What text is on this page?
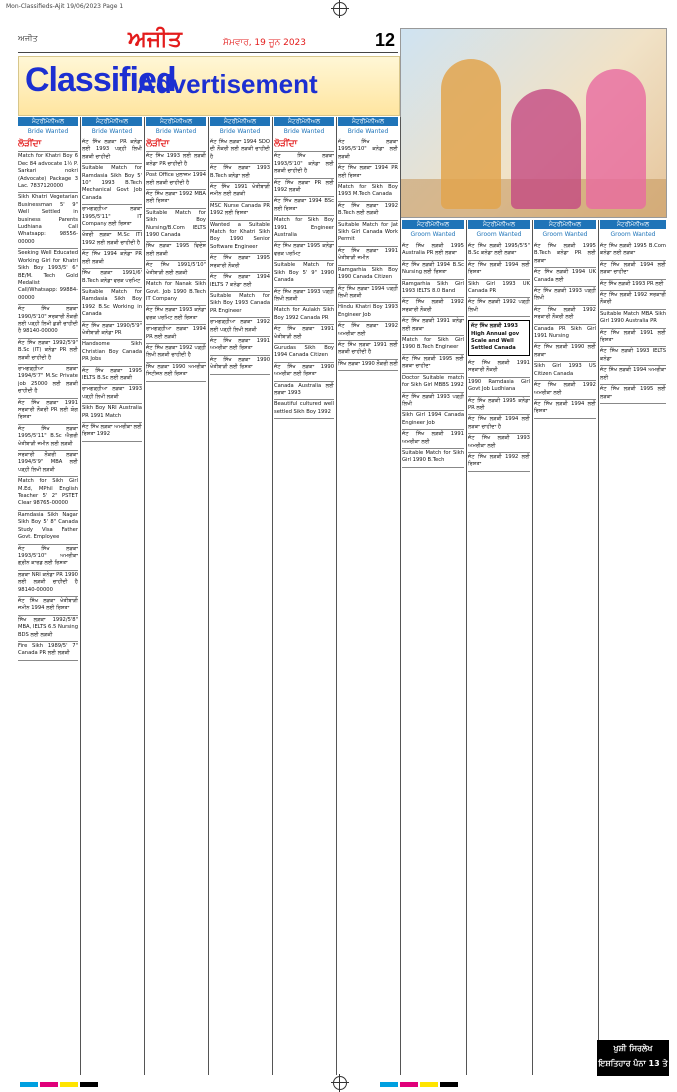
Mon-Classifieds-Ajit 19/06/2023 Page 1
ਅਜੀਤ	ਅਜੀਤ	ਸੋਮਵਾਰ, 19 ਜੂਨ 2023	12
Classified
Advertisement
ਮੈਟਰੀਮੋਨੀਅਲ	ਮੈਟਰੀਮੋਨੀਅਲ	ਮੈਟਰੀਮੋਨੀਅਲ	ਮੈਟਰੀਮੋਨੀਅਲ	ਮੈਟਰੀਮੋਨੀਅਲ	ਮੈਟਰੀਮੋਨੀਅਲ
Bride Wanted	Bride Wanted	Bride Wanted	Bride Wanted	Bride Wanted	Bride Wanted
ਮੈਟਰੀਮੋਨੀਅਲ	ਮੈਟਰੀਮੋਨੀਅਲ	ਮੈਟਰੀਮੋਨੀਅਲ	ਮੈਟਰੀਮੋਨੀਅਲ
Groom Wanted	Groom Wanted	Groom Wanted	Groom Wanted
ਲੋੜੀਂਦਾ
Match for Khatri Boy 6 Dec 84 advocate 1½ P. Sarkari nokri (Advocate) Package 3 Lac. 7837120000
Sikh Khatri Vegetarian Businessman 5' 9" Well Settled in business Parents Ludhiana Call Whatsapp: 98556-00000
Seeking Well Educated Working Girl for Khatri Sikh Boy 1993/5' 6" BE/M. Tech Gold Medalist Call/Whatsapp: 99884-00000
ਜੱਟ ਸਿੱਖ ਲੜਕਾ 1990/5'10" ਸਰਕਾਰੀ ਨੌਕਰੀ ਲਈ ਪੜ੍ਹੀ ਲਿਖੀ ਕੁੜੀ ਚਾਹੀਦੀ ਹੈ 98140-00000
ਜੱਟ ਸਿੱਖ ਲੜਕਾ 1992/5'9" B.Sc (IT) ਕਨੇਡਾ PR ਲਈ ਲੜਕੀ ਚਾਹੀਦੀ ਹੈ
ਰਾਮਗੜ੍ਹੀਆ ਲੜਕਾ 1994/5'7" M.Sc Private job 25000 ਲਈ ਲੜਕੀ ਚਾਹੀਦੀ ਹੈ
ਜੱਟ ਸਿੱਖ ਲੜਕਾ 1991 ਸਰਕਾਰੀ ਨੌਕਰੀ PR ਲਈ ਯੋਗ ਰਿਸ਼ਤਾ
ਜੱਟ ਸਿੱਖ ਲੜਕਾ 1995/5'11" B.Sc ਐਗਰੀ ਖੇਤੀਬਾੜੀ ਜਮੀਨ ਲਈ ਲੜਕੀ
ਸਰਕਾਰੀ ਨੌਕਰੀ ਲੜਕਾ 1994/5'9" MBA ਲਈ ਪੜ੍ਹੀ ਲਿਖੀ ਲੜਕੀ
Match for Sikh Girl M.Ed, MPhil English Teacher 5' 2" PSTET Clear 98765-00000
Ramdasia Sikh Nagar Sikh Boy 5' 8" Canada Study Visa Father Govt. Employee
ਜੱਟ ਸਿੱਖ ਲੜਕਾ 1993/5'10" ਅਮਰੀਕਾ ਗ੍ਰੀਨ ਕਾਰਡ ਲਈ ਰਿਸ਼ਤਾ
ਲੜਕਾ NRI ਕਨੇਡਾ PR 1990 ਲਈ ਲੜਕੀ ਚਾਹੀਦੀ ਹੈ 98140-00000
ਜੱਟ ਸਿੱਖ ਲੜਕਾ ਖੇਤੀਬਾੜੀ ਜਮੀਨ 1994 ਲਈ ਰਿਸ਼ਤਾ
ਸਿੱਖ ਲੜਕਾ 1992/5'8" MBA, IELTS 6.5 Nursing BDS ਲਈ ਲੜਕੀ
Fire Sikh 1989/5' 7" Canada PR ਲਈ ਲੜਕੀ
ਜੱਟ ਸਿੱਖ ਲੜਕਾ PR ਕਨੇਡਾ ਲਈ 1993 ਪੜ੍ਹੀ ਲਿਖੀ ਲੜਕੀ ਚਾਹੀਦੀ
Suitable Match for Ramdasia Sikh Boy 5' 10" 1993 B.Tech Mechanical Govt Job Canada
ਰਾਮਗੜ੍ਹੀਆ ਲੜਕਾ 1995/5'11" IT Company ਲਈ ਰਿਸ਼ਤਾ
ਖੱਤਰੀ ਲੜਕਾ M.Sc ITI 1992 ਲਈ ਲੜਕੀ ਚਾਹੀਦੀ ਹੈ
ਜੱਟ ਸਿੱਖ 1994 ਕਨੇਡਾ PR ਲਈ ਲੜਕੀ
ਸਿੱਖ ਲੜਕਾ 1991/6' B.Tech ਕਨੇਡਾ ਵਰਕ ਪਰਮਿਟ
Suitable Match for Ramdasia Sikh Boy 1992 B.Sc Working in Canada
ਜੱਟ ਸਿੱਖ ਲੜਕਾ 1990/5'9" ਖੇਤੀਬਾੜੀ ਕਨੇਡਾ PR
Handsome Sikh Christian Boy Canada PR Jobs
ਜੱਟ ਸਿੱਖ ਲੜਕਾ 1995 IELTS B.Sc ਲਈ ਲੜਕੀ
ਰਾਮਗੜ੍ਹੀਆ ਲੜਕਾ 1993 ਪੜ੍ਹੀ ਲਿਖੀ ਲੜਕੀ
Sikh Boy NRI Australia PR 1991 Match
ਜੱਟ ਸਿੱਖ ਲੜਕਾ ਅਮਰੀਕਾ ਲਈ ਰਿਸ਼ਤਾ 1992
ਲੋੜੀਂਦਾ
ਜੱਟ ਸਿੱਖ 1993 ਲਈ ਲੜਕੀ ਕਨੇਡਾ PR ਚਾਹੀਦੀ ਹੈ
Post Office ਮੁਲਾਜ਼ਮ 1994 ਲਈ ਲੜਕੀ ਚਾਹੀਦੀ ਹੈ
ਜੱਟ ਸਿੱਖ ਲੜਕਾ 1992 MBA ਲਈ ਰਿਸ਼ਤਾ
Suitable Match for Sikh Boy Nursing/B.Com IELTS 1990 Canada
ਸਿੱਖ ਲੜਕਾ 1995 ਵਿਦੇਸ਼ ਲਈ ਲੜਕੀ
ਜੱਟ ਸਿੱਖ 1991/5'10" ਖੇਤੀਬਾੜੀ ਲਈ ਲੜਕੀ
Match for Nanak Sikh Govt. Job 1990 B.Tech IT Company
ਜੱਟ ਸਿੱਖ ਲੜਕਾ 1993 ਕਨੇਡਾ ਵਰਕ ਪਰਮਿਟ ਲਈ ਰਿਸ਼ਤਾ
ਰਾਮਗੜ੍ਹੀਆ ਲੜਕਾ 1994 PR ਲਈ ਲੜਕੀ
ਜੱਟ ਸਿੱਖ ਲੜਕਾ 1992 ਪੜ੍ਹੀ ਲਿਖੀ ਲੜਕੀ ਚਾਹੀਦੀ ਹੈ
ਸਿੱਖ ਲੜਕਾ 1990 ਅਮਰੀਕਾ ਸਿਟੀਜ਼ਨ ਲਈ ਰਿਸ਼ਤਾ
ਜੱਟ ਸਿੱਖ ਲੜਕਾ 1994 SDO ਦੀ ਨੌਕਰੀ ਲਈ ਲੜਕੀ ਚਾਹੀਦੀ ਹੈ
ਜੱਟ ਸਿੱਖ ਲੜਕਾ 1993 B.Tech ਕਨੇਡਾ ਲਈ
ਜੱਟ ਸਿੱਖ 1991 ਖੇਤੀਬਾੜੀ ਜਮੀਨ ਲਈ ਲੜਕੀ
MSC Nurse Canada PR 1992 ਲਈ ਰਿਸ਼ਤਾ
Wanted a Suitable Match for Khatri Sikh Boy 1990 Senior Software Engineer
ਜੱਟ ਸਿੱਖ ਲੜਕਾ 1995 ਸਰਕਾਰੀ ਨੌਕਰੀ
ਜੱਟ ਸਿੱਖ ਲੜਕਾ 1994 IELTS 7 ਕਨੇਡਾ ਲਈ
Suitable Match for Sikh Boy 1993 Canada PR Engineer
ਰਾਮਗੜ੍ਹੀਆ ਲੜਕਾ 1992 ਲਈ ਪੜ੍ਹੀ ਲਿਖੀ ਲੜਕੀ
ਜੱਟ ਸਿੱਖ ਲੜਕਾ 1991 ਅਮਰੀਕਾ ਲਈ ਰਿਸ਼ਤਾ
ਜੱਟ ਸਿੱਖ ਲੜਕਾ 1990 ਖੇਤੀਬਾੜੀ ਲਈ ਰਿਸ਼ਤਾ
ਲੋੜੀਂਦਾ
ਜੱਟ ਸਿੱਖ ਲੜਕਾ 1993/5'10" ਕਨੇਡਾ ਲਈ ਲੜਕੀ ਚਾਹੀਦੀ ਹੈ
ਜੱਟ ਸਿੱਖ ਲੜਕਾ PR ਲਈ 1992 ਲੜਕੀ
ਜੱਟ ਸਿੱਖ ਲੜਕਾ 1994 BSc ਲਈ ਰਿਸ਼ਤਾ
Match for Sikh Boy 1991 Engineer Australia
ਜੱਟ ਸਿੱਖ ਲੜਕਾ 1995 ਕਨੇਡਾ ਵਰਕ ਪਰਮਿਟ
Suitable Match for Sikh Boy 5' 9" 1990 Canada
ਜੱਟ ਸਿੱਖ ਲੜਕਾ 1993 ਪੜ੍ਹੀ ਲਿਖੀ ਲੜਕੀ
Match for Aulakh Sikh Boy 1992 Canada PR
ਜੱਟ ਸਿੱਖ ਲੜਕਾ 1991 ਖੇਤੀਬਾੜੀ ਲਈ
Gurudas Sikh Boy 1994 Canada Citizen
ਜੱਟ ਸਿੱਖ ਲੜਕਾ 1990 ਅਮਰੀਕਾ ਲਈ ਰਿਸ਼ਤਾ
Canada Australia ਲਈ ਲੜਕਾ 1993
Beautiful cultured well settled Sikh Boy 1992
ਜੱਟ ਸਿੱਖ ਲੜਕਾ 1995/5'10" ਕਨੇਡਾ ਲਈ ਲੜਕੀ
ਜੱਟ ਸਿੱਖ ਲੜਕਾ 1994 PR ਲਈ ਰਿਸ਼ਤਾ
Match for Sikh Boy 1993 M.Tech Canada
ਜੱਟ ਸਿੱਖ ਲੜਕਾ 1992 B.Tech ਲਈ ਲੜਕੀ
Suitable Match for Jat Sikh Girl Canada Work Permit
ਜੱਟ ਸਿੱਖ ਲੜਕਾ 1991 ਖੇਤੀਬਾੜੀ ਜਮੀਨ
Ramgarhia Sikh Boy 1990 Canada Citizen
ਜੱਟ ਸਿੱਖ ਲੜਕਾ 1994 ਪੜ੍ਹੀ ਲਿਖੀ ਲੜਕੀ
Hindu Khatri Boy 1993 Engineer Job
ਜੱਟ ਸਿੱਖ ਲੜਕਾ 1992 ਅਮਰੀਕਾ ਲਈ
ਜੱਟ ਸਿੱਖ ਲੜਕਾ 1991 ਲਈ ਲੜਕੀ ਚਾਹੀਦੀ ਹੈ
ਸਿੱਖ ਲੜਕਾ 1990 ਨੌਕਰੀ ਲਈ
ਜੱਟ ਸਿੱਖ ਲੜਕੀ 1995 Australia PR ਲਈ ਲੜਕਾ
ਜੱਟ ਸਿੱਖ ਲੜਕੀ 1994 B.Sc Nursing ਲਈ ਰਿਸ਼ਤਾ
Ramgarhia Sikh Girl 1993 IELTS 8.0 Band
ਜੱਟ ਸਿੱਖ ਲੜਕੀ 1992 ਸਰਕਾਰੀ ਨੌਕਰੀ
ਜੱਟ ਸਿੱਖ ਲੜਕੀ 1991 ਕਨੇਡਾ ਲਈ ਲੜਕਾ
Match for Sikh Girl 1990 B.Tech Engineer
ਜੱਟ ਸਿੱਖ ਲੜਕੀ 1995 ਲਈ ਲੜਕਾ ਚਾਹੀਦਾ
Doctor Suitable match for Sikh Girl MBBS 1992
ਜੱਟ ਸਿੱਖ ਲੜਕੀ 1993 ਪੜ੍ਹੀ ਲਿਖੀ
Sikh Girl 1994 Canada Engineer Job
ਜੱਟ ਸਿੱਖ ਲੜਕੀ 1991 ਅਮਰੀਕਾ ਲਈ
Suitable Match for Sikh Girl 1990 B.Tech
ਜੱਟ ਸਿੱਖ ਲੜਕੀ 1995/5'5" B.Sc ਕਨੇਡਾ ਲਈ ਲੜਕਾ
ਜੱਟ ਸਿੱਖ ਲੜਕੀ 1994 ਲਈ ਰਿਸ਼ਤਾ
Sikh Girl 1993 UK Canada PR
ਜੱਟ ਸਿੱਖ ਲੜਕੀ 1992 ਪੜ੍ਹੀ ਲਿਖੀ
ਜੱਟ ਸਿੱਖ ਲੜਕੀ 1993 High Annual gov Scale and Well Settled Canada
ਜੱਟ ਸਿੱਖ ਲੜਕੀ 1991 ਸਰਕਾਰੀ ਨੌਕਰੀ
1990 Ramdasia Girl Govt Job Ludhiana
ਜੱਟ ਸਿੱਖ ਲੜਕੀ 1995 ਕਨੇਡਾ PR ਲਈ
ਜੱਟ ਸਿੱਖ ਲੜਕੀ 1994 ਲਈ ਲੜਕਾ ਚਾਹੀਦਾ ਹੈ
ਜੱਟ ਸਿੱਖ ਲੜਕੀ 1993 ਅਮਰੀਕਾ ਲਈ
ਜੱਟ ਸਿੱਖ ਲੜਕੀ 1992 ਲਈ ਰਿਸ਼ਤਾ
ਜੱਟ ਸਿੱਖ ਲੜਕੀ 1995 B.Tech ਕਨੇਡਾ PR ਲਈ ਲੜਕਾ
ਜੱਟ ਸਿੱਖ ਲੜਕੀ 1994 UK Canada ਲਈ
ਜੱਟ ਸਿੱਖ ਲੜਕੀ 1993 ਪੜ੍ਹੀ ਲਿਖੀ
ਜੱਟ ਸਿੱਖ ਲੜਕੀ 1992 ਸਰਕਾਰੀ ਨੌਕਰੀ ਲਈ
Canada PR Sikh Girl 1991 Nursing
ਜੱਟ ਸਿੱਖ ਲੜਕੀ 1990 ਲਈ ਲੜਕਾ
Sikh Girl 1993 US Citizen Canada
ਜੱਟ ਸਿੱਖ ਲੜਕੀ 1992 ਅਮਰੀਕਾ ਲਈ
ਜੱਟ ਸਿੱਖ ਲੜਕੀ 1994 ਲਈ ਰਿਸ਼ਤਾ
ਜੱਟ ਸਿੱਖ ਲੜਕੀ 1995 B.Com ਕਨੇਡਾ ਲਈ ਲੜਕਾ
ਜੱਟ ਸਿੱਖ ਲੜਕੀ 1994 ਲਈ ਲੜਕਾ ਚਾਹੀਦਾ
ਜੱਟ ਸਿੱਖ ਲੜਕੀ 1993 PR ਲਈ
ਜੱਟ ਸਿੱਖ ਲੜਕੀ 1992 ਸਰਕਾਰੀ ਨੌਕਰੀ
Suitable Match MBA Sikh Girl 1990 Australia PR
ਜੱਟ ਸਿੱਖ ਲੜਕੀ 1991 ਲਈ ਰਿਸ਼ਤਾ
ਜੱਟ ਸਿੱਖ ਲੜਕੀ 1993 IELTS ਕਨੇਡਾ
ਜੱਟ ਸਿੱਖ ਲੜਕੀ 1994 ਅਮਰੀਕਾ ਲਈ
ਜੱਟ ਸਿੱਖ ਲੜਕੀ 1995 ਲਈ ਲੜਕਾ
ਖੁਸ਼ੀ ਸਿਰਲੇਖ ਇਸ਼ਤਿਹਾਰ ਪੰਨਾ 13 ਤੇ
